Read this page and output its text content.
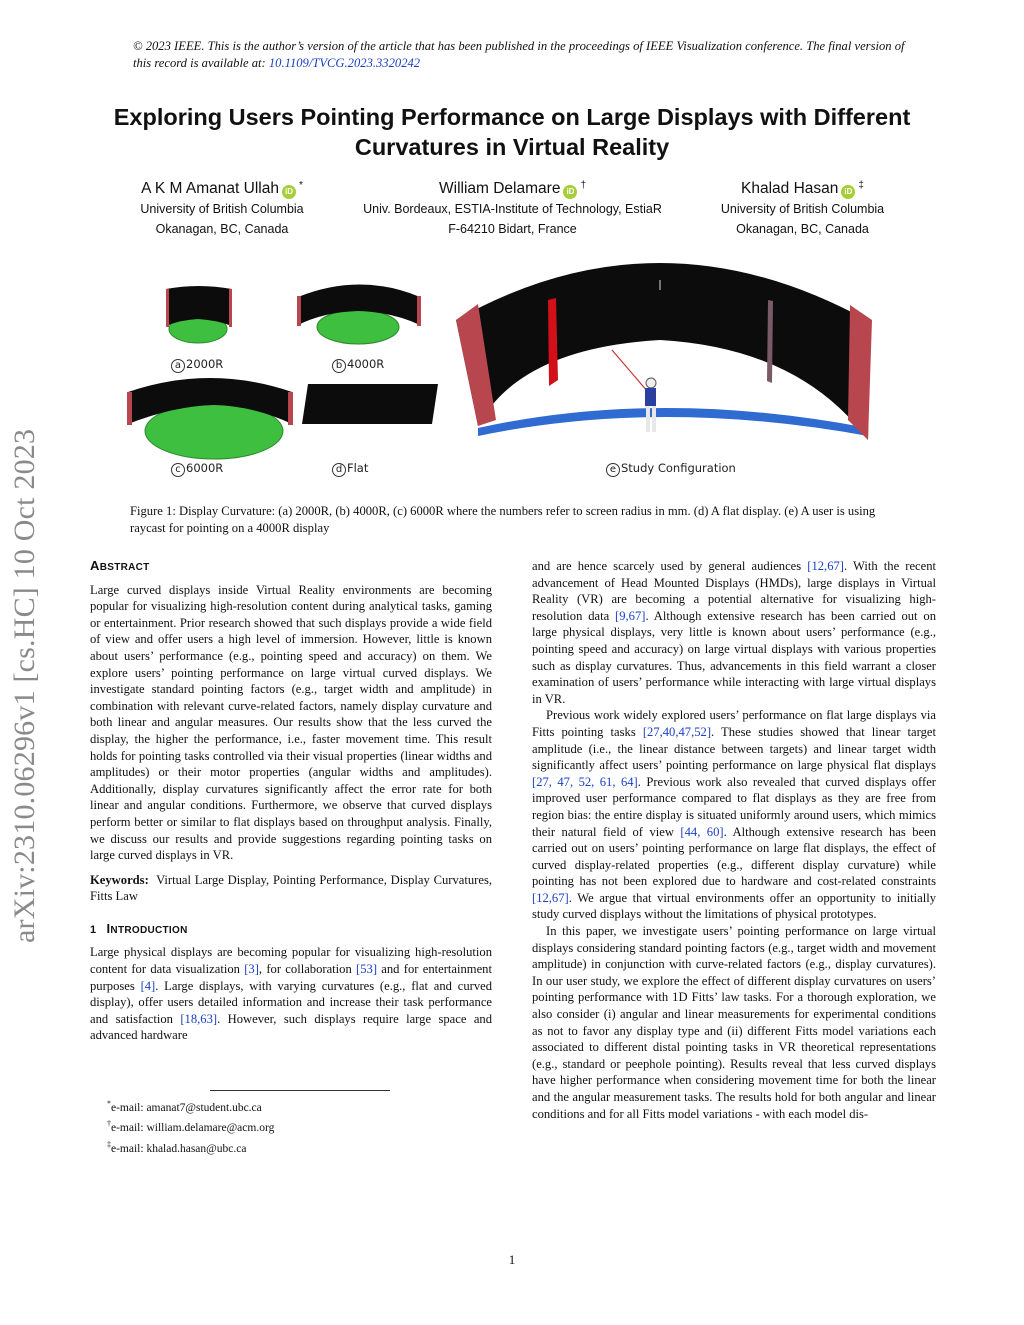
© 2023 IEEE. This is the author’s version of the article that has been published in the proceedings of IEEE Visualization conference. The final version of this record is available at: 10.1109/TVCG.2023.3320242
Exploring Users Pointing Performance on Large Displays with Different Curvatures in Virtual Reality
A K M Amanat Ullah iD*
University of British Columbia
Okanagan, BC, Canada
William Delamare iD†
Univ. Bordeaux, ESTIA-Institute of Technology, EstiaR
F-64210 Bidart, France
Khalad Hasan iD‡
University of British Columbia
Okanagan, BC, Canada
arXiv:2310.06296v1 [cs.HC] 10 Oct 2023
a 2000R	b 4000R
c 6000R	d Flat	e Study Configuration
Figure 1: Display Curvature: (a) 2000R, (b) 4000R, (c) 6000R where the numbers refer to screen radius in mm. (d) A flat display. (e) A user is using raycast for pointing on a 4000R display
ABSTRACT
Large curved displays inside Virtual Reality environments are becoming popular for visualizing high-resolution content during analytical tasks, gaming or entertainment. Prior research showed that such displays provide a wide field of view and offer users a high level of immersion. However, little is known about users’ performance (e.g., pointing speed and accuracy) on them. We explore users’ pointing performance on large virtual curved displays. We investigate standard pointing factors (e.g., target width and amplitude) in combination with relevant curve-related factors, namely display curvature and both linear and angular measures. Our results show that the less curved the display, the higher the performance, i.e., faster movement time. This result holds for pointing tasks controlled via their visual properties (linear widths and amplitudes) or their motor properties (angular widths and amplitudes). Additionally, display curvatures significantly affect the error rate for both linear and angular conditions. Furthermore, we observe that curved displays perform better or similar to flat displays based on throughput analysis. Finally, we discuss our results and provide suggestions regarding pointing tasks on large curved displays in VR.
Keywords: Virtual Large Display, Pointing Performance, Display Curvatures, Fitts Law
1 INTRODUCTION
Large physical displays are becoming popular for visualizing high-resolution content for data visualization [3], for collaboration [53] and for entertainment purposes [4]. Large displays, with varying curvatures (e.g., flat and curved display), offer users detailed information and increase their task performance and satisfaction [18,63]. However, such displays require large space and advanced hardware
and are hence scarcely used by general audiences [12,67]. With the recent advancement of Head Mounted Displays (HMDs), large displays in Virtual Reality (VR) are becoming a potential alternative for visualizing high-resolution data [9,67]. Although extensive research has been carried out on large physical displays, very little is known about users’ performance (e.g., pointing speed and accuracy) on large virtual displays with various properties such as display curvatures. Thus, advancements in this field warrant a closer examination of users’ performance while interacting with large virtual displays in VR.
Previous work widely explored users’ performance on flat large displays via Fitts pointing tasks [27,40,47,52]. These studies showed that linear target amplitude (i.e., the linear distance between targets) and linear target width significantly affect users’ pointing performance on large physical flat displays [27, 47, 52, 61, 64]. Previous work also revealed that curved displays offer improved user performance compared to flat displays as they are free from region bias: the entire display is situated uniformly around users, which mimics their natural field of view [44, 60]. Although extensive research has been carried out on users’ pointing performance on large flat displays, the effect of curved display-related properties (e.g., different display curvature) while pointing has not been explored due to hardware and cost-related constraints [12,67]. We argue that virtual environments offer an opportunity to initially study curved displays without the limitations of physical prototypes.
In this paper, we investigate users’ pointing performance on large virtual displays considering standard pointing factors (e.g., target width and movement amplitude) in conjunction with curve-related factors (e.g., display curvatures). In our user study, we explore the effect of different display curvatures on users’ pointing performance with 1D Fitts’ law tasks. For a thorough exploration, we also consider (i) angular and linear measurements for experimental conditions as not to favor any display type and (ii) different Fitts model variations each associated to different distal pointing tasks in VR theoretical representations (e.g., standard or peephole pointing). Results reveal that less curved displays have higher performance when considering movement time for both the linear and the angular measurement tasks. The results hold for both angular and linear conditions and for all Fitts model variations - with each model dis-
*e-mail: amanat7@student.ubc.ca
†e-mail: william.delamare@acm.org
‡e-mail: khalad.hasan@ubc.ca
1
